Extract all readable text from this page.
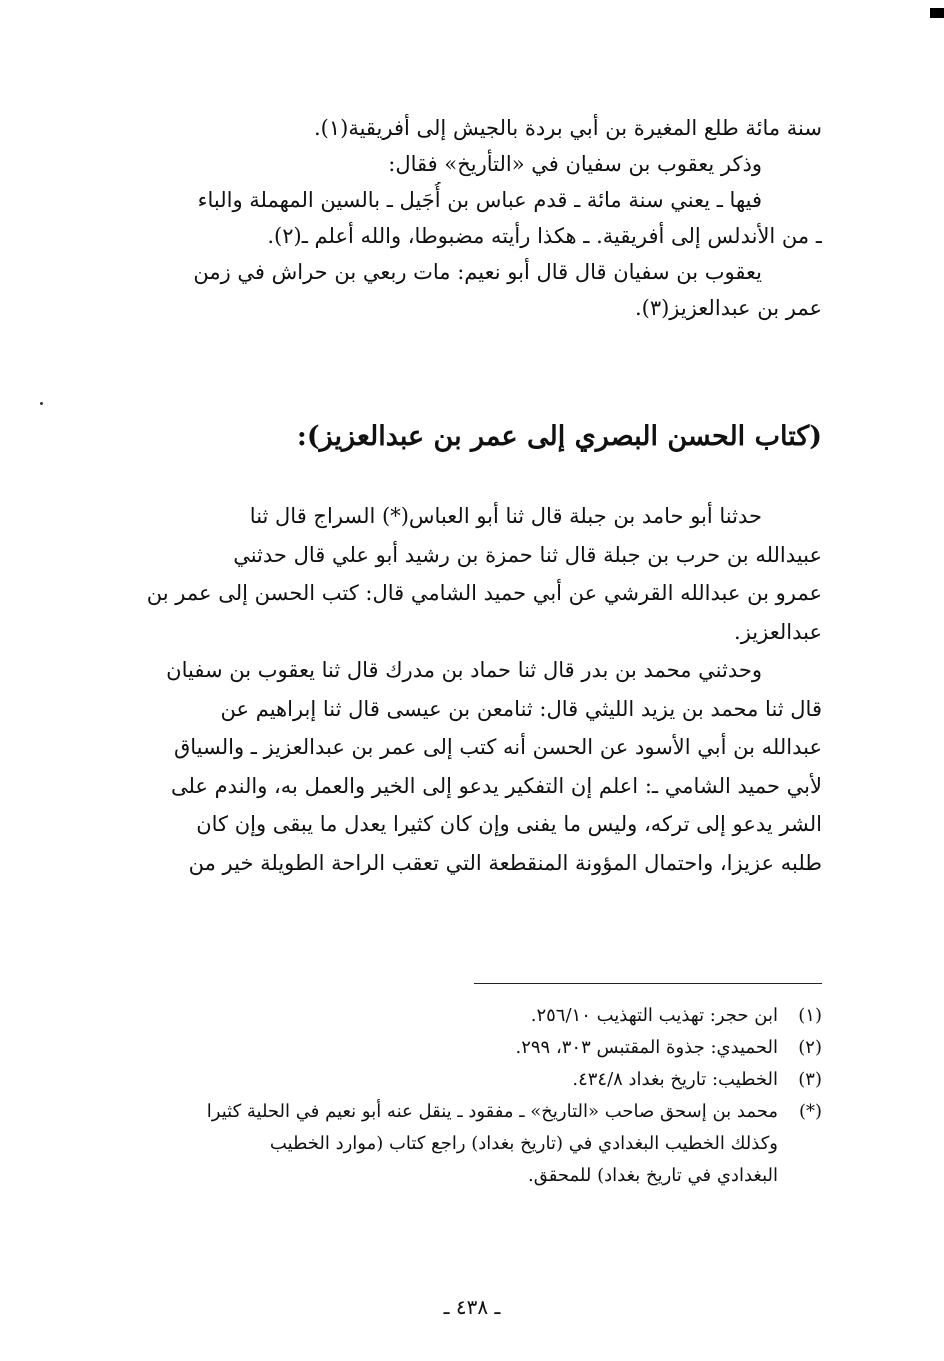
سنة مائة طلع المغيرة بن أبي بردة بالجيش إلى أفريقية(١).
وذكر يعقوب بن سفيان في «التأريخ» فقال:
فيها ـ يعني سنة مائة ـ قدم عباس بن أُجَيل ـ بالسين المهملة والباء
ـ من الأندلس إلى أفريقية. ـ هكذا رأيته مضبوطا، والله أعلم ـ(٢).
يعقوب بن سفيان قال قال أبو نعيم: مات ربعي بن حراش في زمن
عمر بن عبدالعزيز(٣).
(كتاب الحسن البصري إلى عمر بن عبدالعزيز):
حدثنا أبو حامد بن جبلة قال ثنا أبو العباس(*) السراج قال ثنا
عبيدالله بن حرب بن جبلة قال ثنا حمزة بن رشيد أبو علي قال حدثني
عمرو بن عبدالله القرشي عن أبي حميد الشامي قال: كتب الحسن إلى عمر بن
عبدالعزيز.
وحدثني محمد بن بدر قال ثنا حماد بن مدرك قال ثنا يعقوب بن سفيان
قال ثنا محمد بن يزيد الليثي قال: ثنامعن بن عيسى قال ثنا إبراهيم عن
عبدالله بن أبي الأسود عن الحسن أنه كتب إلى عمر بن عبدالعزيز ـ والسياق
لأبي حميد الشامي ـ: اعلم إن التفكير يدعو إلى الخير والعمل به، والندم على
الشر يدعو إلى تركه، وليس ما يفنى وإن كان كثيرا يعدل ما يبقى وإن كان
طلبه عزيزا، واحتمال المؤونة المنقطعة التي تعقب الراحة الطويلة خير من
(١)
ابن حجر: تهذيب التهذيب ٢٥٦/١٠.
(٢)
الحميدي: جذوة المقتبس ٣٠٣، ٢٩٩.
(٣)
الخطيب: تاريخ بغداد ٤٣٤/٨.
(*)
محمد بن إسحق صاحب «التاريخ» ـ مفقود ـ ينقل عنه أبو نعيم في الحلية كثيرا
وكذلك الخطيب البغدادي في (تاريخ بغداد) راجع كتاب (موارد الخطيب
البغدادي في تاريخ بغداد) للمحقق.
ـ ٤٣٨ ـ
